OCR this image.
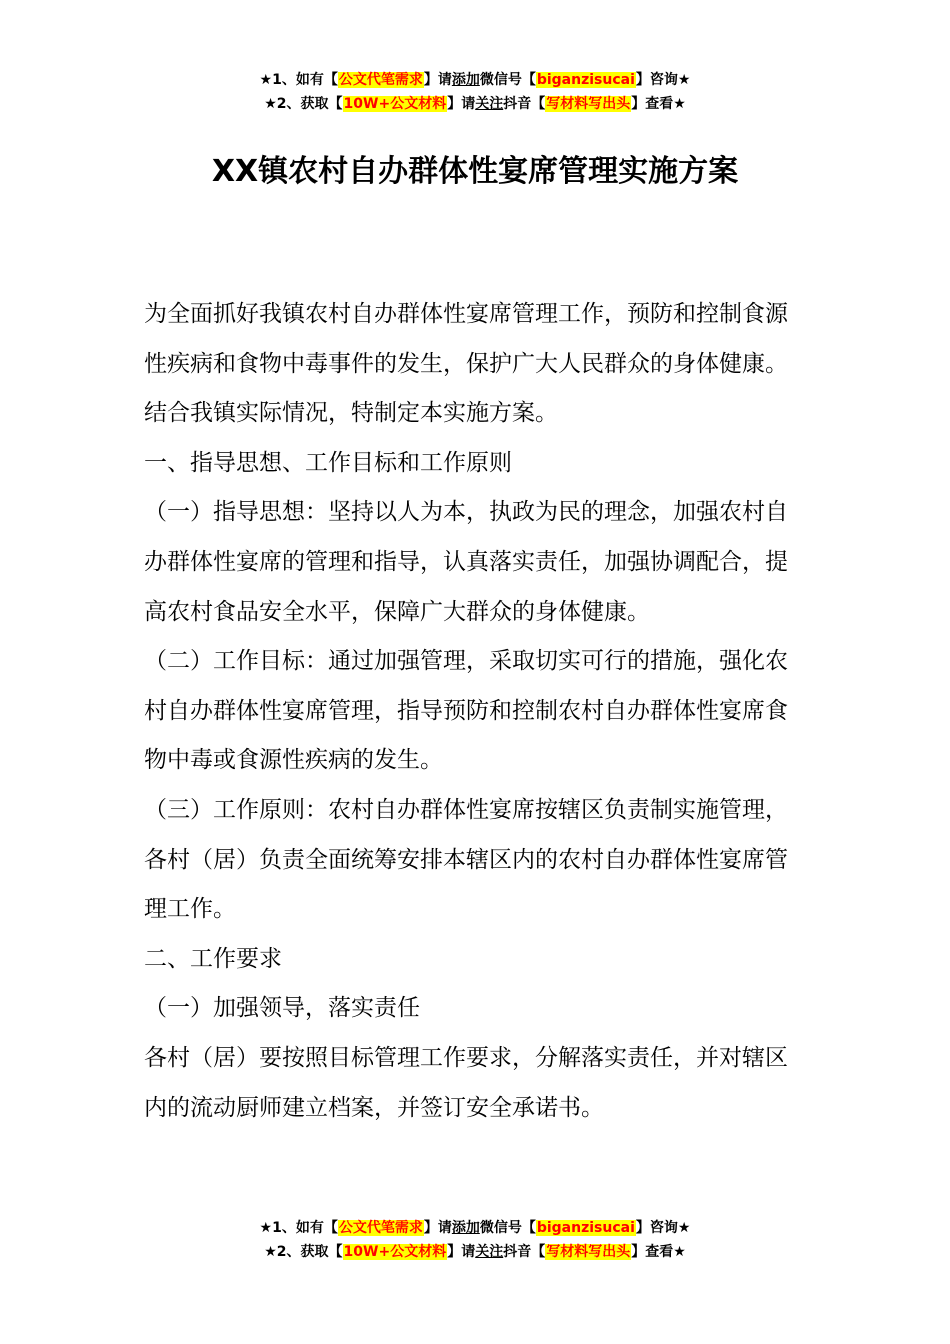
★1、如有【公文代笔需求】请添加微信号【biganzisucai】咨询★
★2、获取【10W+公文材料】请关注抖音【写材料写出头】查看★
XX镇农村自办群体性宴席管理实施方案

为全面抓好我镇农村自办群体性宴席管理工作，预防和控制食源性疾病和食物中毒事件的发生，保护广大人民群众的身体健康。结合我镇实际情况，特制定本实施方案。

一、指导思想、工作目标和工作原则

（一）指导思想：坚持以人为本，执政为民的理念，加强农村自办群体性宴席的管理和指导，认真落实责任，加强协调配合，提高农村食品安全水平，保障广大群众的身体健康。

（二）工作目标：通过加强管理，采取切实可行的措施，强化农村自办群体性宴席管理，指导预防和控制农村自办群体性宴席食物中毒或食源性疾病的发生。

（三）工作原则：农村自办群体性宴席按辖区负责制实施管理，各村（居）负责全面统筹安排本辖区内的农村自办群体性宴席管理工作。

二、工作要求

（一）加强领导，落实责任

各村（居）要按照目标管理工作要求，分解落实责任，并对辖区内的流动厨师建立档案，并签订安全承诺书。

★1、如有【公文代笔需求】请添加微信号【biganzisucai】咨询★
★2、获取【10W+公文材料】请关注抖音【写材料写出头】查看★
